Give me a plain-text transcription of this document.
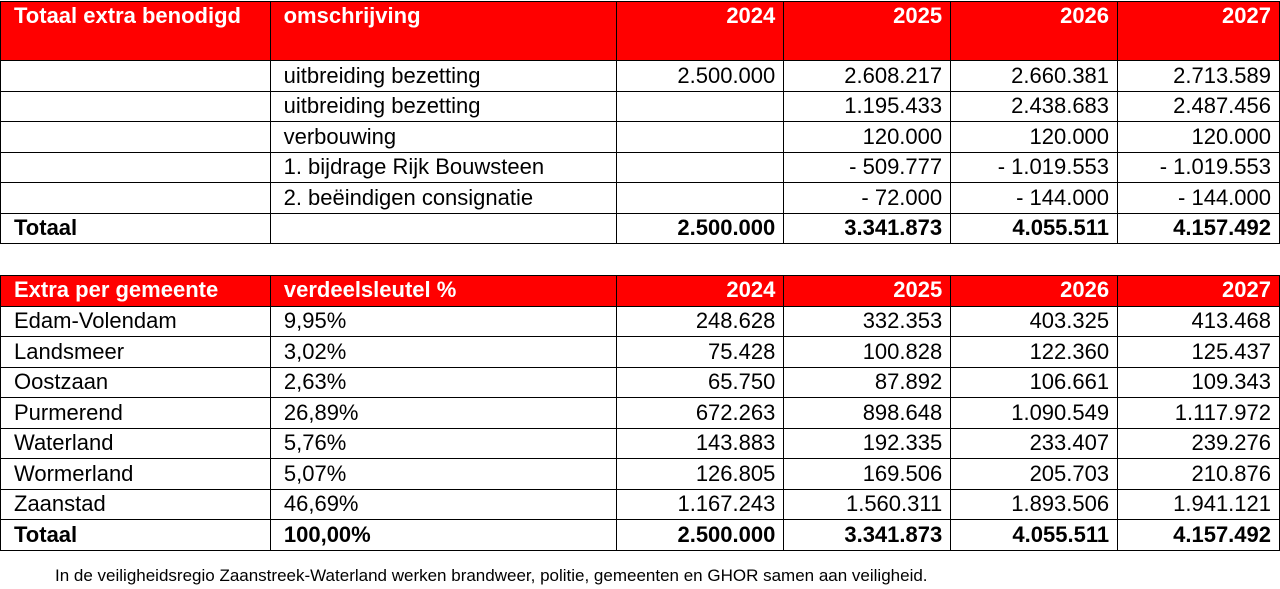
Totaal extra benodigd	omschrijving	2024	2025	2026	2027
	uitbreiding bezetting	2.500.000	2.608.217	2.660.381	2.713.589
	uitbreiding bezetting		1.195.433	2.438.683	2.487.456
	verbouwing		120.000	120.000	120.000
	1. bijdrage Rijk Bouwsteen		- 509.777	- 1.019.553	- 1.019.553
	2. beëindigen consignatie		- 72.000	- 144.000	- 144.000
Totaal		2.500.000	3.341.873	4.055.511	4.157.492
Extra per gemeente	verdeelsleutel %	2024	2025	2026	2027
Edam-Volendam	9,95%	248.628	332.353	403.325	413.468
Landsmeer	3,02%	75.428	100.828	122.360	125.437
Oostzaan	2,63%	65.750	87.892	106.661	109.343
Purmerend	26,89%	672.263	898.648	1.090.549	1.117.972
Waterland	5,76%	143.883	192.335	233.407	239.276
Wormerland	5,07%	126.805	169.506	205.703	210.876
Zaanstad	46,69%	1.167.243	1.560.311	1.893.506	1.941.121
Totaal	100,00%	2.500.000	3.341.873	4.055.511	4.157.492
In de veiligheidsregio Zaanstreek-Waterland werken brandweer, politie, gemeenten en GHOR samen aan veiligheid.
